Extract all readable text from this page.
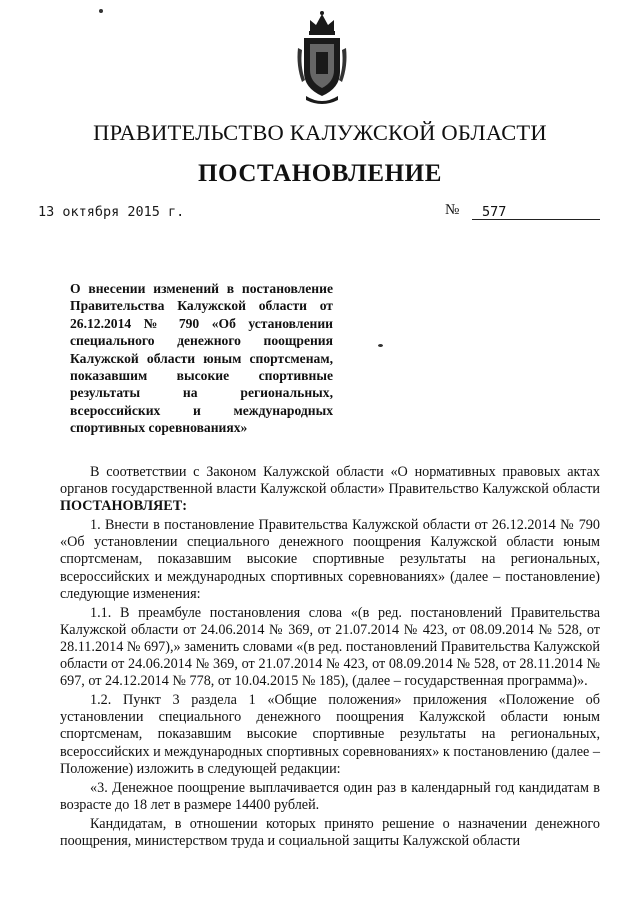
ПРАВИТЕЛЬСТВО КАЛУЖСКОЙ ОБЛАСТИ
ПОСТАНОВЛЕНИЕ
13 октября 2015 г.	№ 577
О внесении изменений в постановление Правительства Калужской области от 26.12.2014 № 790 «Об установлении специального денежного поощрения Калужской области юным спортсменам, показавшим высокие спортивные результаты на региональных, всероссийских и международных спортивных соревнованиях»

В соответствии с Законом Калужской области «О нормативных правовых актах органов государственной власти Калужской области» Правительство Калужской области ПОСТАНОВЛЯЕТ:

1. Внести в постановление Правительства Калужской области от 26.12.2014 № 790 «Об установлении специального денежного поощрения Калужской области юным спортсменам, показавшим высокие спортивные результаты на региональных, всероссийских и международных спортивных соревнованиях» (далее – постановление) следующие изменения:

1.1. В преамбуле постановления слова «(в ред. постановлений Правительства Калужской области от 24.06.2014 № 369, от 21.07.2014 № 423, от 08.09.2014 № 528, от 28.11.2014 № 697),» заменить словами «(в ред. постановлений Правительства Калужской области от 24.06.2014 № 369, от 21.07.2014 № 423, от 08.09.2014 № 528, от 28.11.2014 № 697, от 24.12.2014 № 778, от 10.04.2015 № 185), (далее – государственная программа)».

1.2. Пункт 3 раздела 1 «Общие положения» приложения «Положение об установлении специального денежного поощрения Калужской области юным спортсменам, показавшим высокие спортивные результаты на региональных, всероссийских и международных спортивных соревнованиях» к постановлению (далее – Положение) изложить в следующей редакции:

«3. Денежное поощрение выплачивается один раз в календарный год кандидатам в возрасте до 18 лет в размере 14400 рублей.

Кандидатам, в отношении которых принято решение о назначении денежного поощрения, министерством труда и социальной защиты Калужской области
